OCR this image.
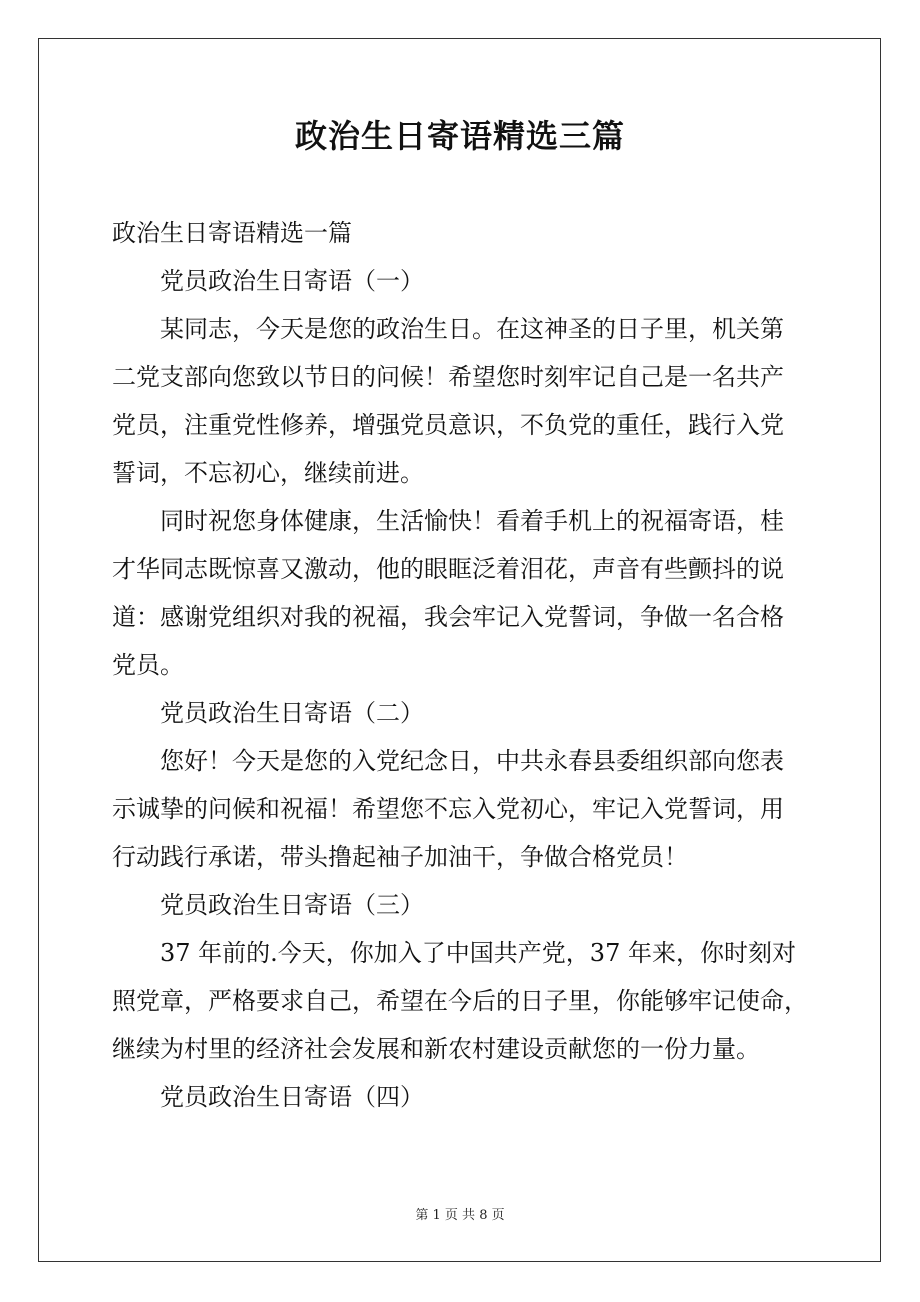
政治生日寄语精选三篇
政治生日寄语精选一篇
党员政治生日寄语（一）
某同志，今天是您的政治生日。在这神圣的日子里，机关第
二党支部向您致以节日的问候！希望您时刻牢记自己是一名共产
党员，注重党性修养，增强党员意识，不负党的重任，践行入党
誓词，不忘初心，继续前进。
同时祝您身体健康，生活愉快！看着手机上的祝福寄语，桂
才华同志既惊喜又激动，他的眼眶泛着泪花，声音有些颤抖的说
道：感谢党组织对我的祝福，我会牢记入党誓词，争做一名合格
党员。
党员政治生日寄语（二）
您好！今天是您的入党纪念日，中共永春县委组织部向您表
示诚挚的问候和祝福！希望您不忘入党初心，牢记入党誓词，用
行动践行承诺，带头撸起袖子加油干，争做合格党员！
党员政治生日寄语（三）
37 年前的.今天，你加入了中国共产党，37 年来，你时刻对
照党章，严格要求自己，希望在今后的日子里，你能够牢记使命，
继续为村里的经济社会发展和新农村建设贡献您的一份力量。
党员政治生日寄语（四）
第 1 页 共 8 页
